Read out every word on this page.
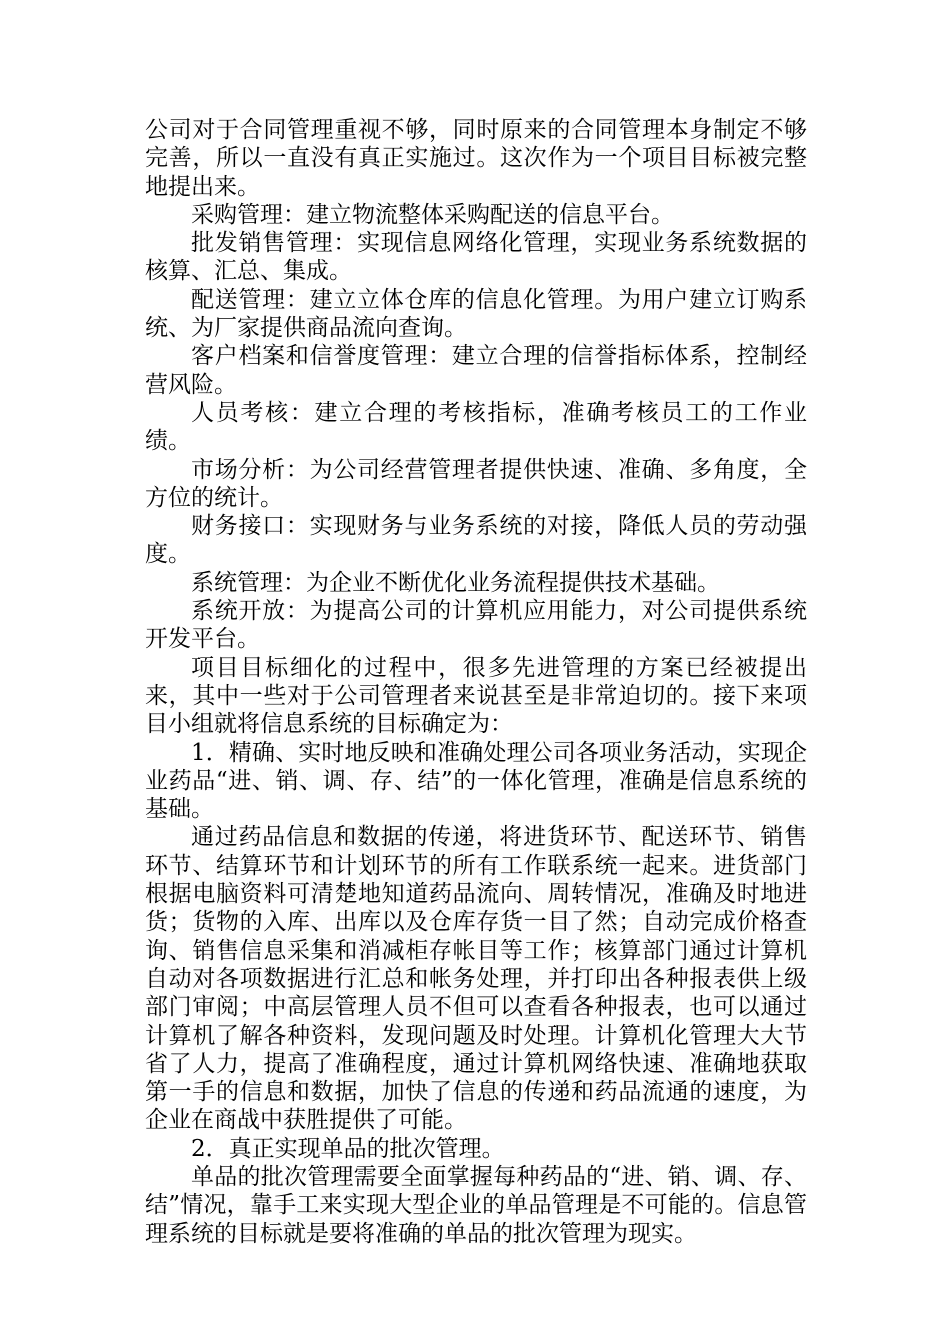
公司对于合同管理重视不够，同时原来的合同管理本身制定不够完善，所以一直没有真正实施过。这次作为一个项目目标被完整地提出来。

采购管理：建立物流整体采购配送的信息平台。

批发销售管理：实现信息网络化管理，实现业务系统数据的核算、汇总、集成。

配送管理：建立立体仓库的信息化管理。为用户建立订购系统、为厂家提供商品流向查询。

客户档案和信誉度管理：建立合理的信誉指标体系，控制经营风险。

人员考核：建立合理的考核指标，准确考核员工的工作业绩。

市场分析：为公司经营管理者提供快速、准确、多角度，全方位的统计。

财务接口：实现财务与业务系统的对接，降低人员的劳动强度。

系统管理：为企业不断优化业务流程提供技术基础。

系统开放：为提高公司的计算机应用能力，对公司提供系统开发平台。

项目目标细化的过程中，很多先进管理的方案已经被提出来，其中一些对于公司管理者来说甚至是非常迫切的。接下来项目小组就将信息系统的目标确定为：

1．精确、实时地反映和准确处理公司各项业务活动，实现企业药品“进、销、调、存、结”的一体化管理，准确是信息系统的基础。

通过药品信息和数据的传递，将进货环节、配送环节、销售环节、结算环节和计划环节的所有工作联系统一起来。进货部门根据电脑资料可清楚地知道药品流向、周转情况，准确及时地进货；货物的入库、出库以及仓库存货一目了然；自动完成价格查询、销售信息采集和消减柜存帐目等工作；核算部门通过计算机自动对各项数据进行汇总和帐务处理，并打印出各种报表供上级部门审阅；中高层管理人员不但可以查看各种报表，也可以通过计算机了解各种资料，发现问题及时处理。计算机化管理大大节省了人力，提高了准确程度，通过计算机网络快速、准确地获取第一手的信息和数据，加快了信息的传递和药品流通的速度，为企业在商战中获胜提供了可能。

2．真正实现单品的批次管理。

单品的批次管理需要全面掌握每种药品的“进、销、调、存、结”情况，靠手工来实现大型企业的单品管理是不可能的。信息管理系统的目标就是要将准确的单品的批次管理为现实。
